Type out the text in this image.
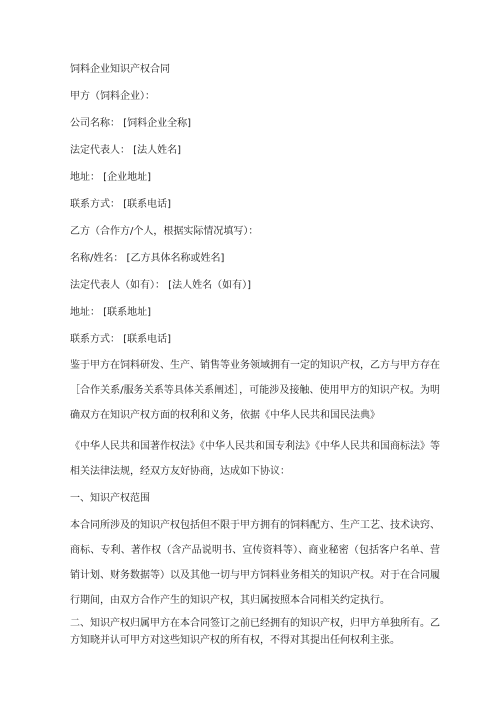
饲料企业知识产权合同
甲方（饲料企业）：
公司名称： [饲料企业全称]
法定代表人： [法人姓名]
地址： [企业地址]
联系方式： [联系电话]
乙方（合作方/个人，根据实际情况填写）：
名称/姓名： [乙方具体名称或姓名]
法定代表人（如有）： [法人姓名（如有）]
地址： [联系地址]
联系方式： [联系电话]
鉴于甲方在饲料研发、生产、销售等业务领域拥有一定的知识产权，乙方与甲方存在［合作关系/服务关系等具体关系阐述］，可能涉及接触、使用甲方的知识产权。为明确双方在知识产权方面的权利和义务，依据《中华人民共和国民法典》
《中华人民共和国著作权法》《中华人民共和国专利法》《中华人民共和国商标法》等相关法律法规，经双方友好协商，达成如下协议：
一、知识产权范围
本合同所涉及的知识产权包括但不限于甲方拥有的饲料配方、生产工艺、技术诀窍、商标、专利、著作权（含产品说明书、宣传资料等）、商业秘密（包括客户名单、营销计划、财务数据等）以及其他一切与甲方饲料业务相关的知识产权。对于在合同履行期间，由双方合作产生的知识产权，其归属按照本合同相关约定执行。
二、知识产权归属甲方在本合同签订之前已经拥有的知识产权，归甲方单独所有。乙方知晓并认可甲方对这些知识产权的所有权，不得对其提出任何权利主张。
